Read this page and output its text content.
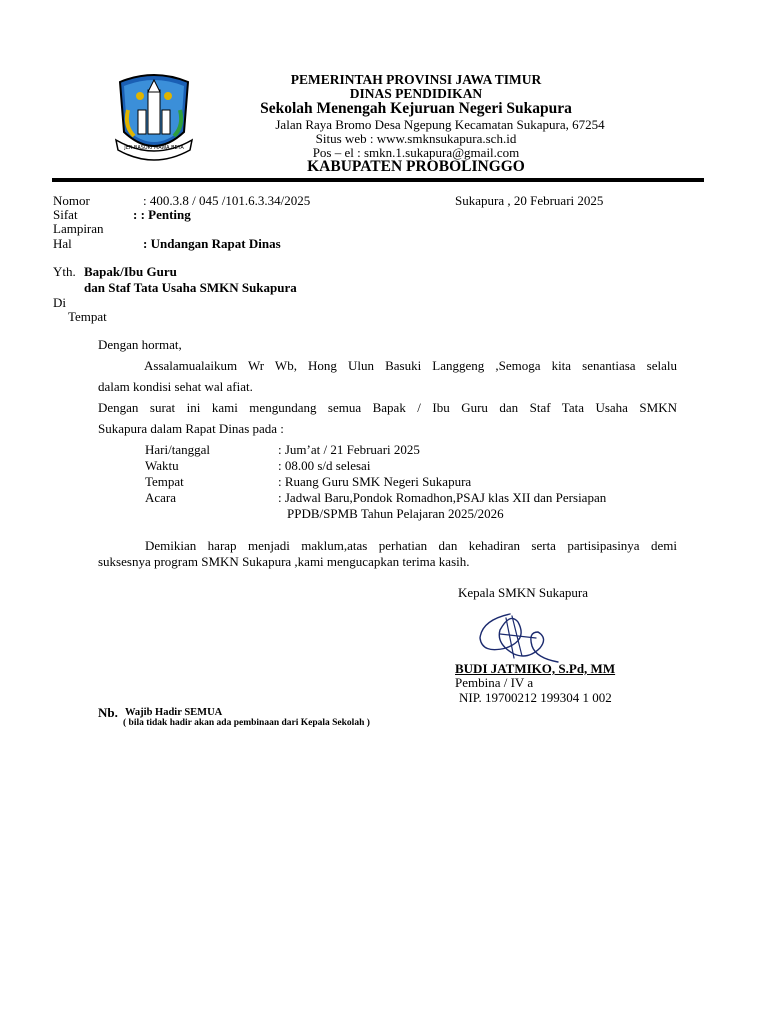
JER BASUKI MAWA BEYA
PEMERINTAH PROVINSI JAWA TIMUR
DINAS PENDIDIKAN
Sekolah Menengah Kejuruan Negeri Sukapura
Jalan Raya Bromo Desa Ngepung Kecamatan Sukapura, 67254
Situs web : www.smknsukapura.sch.id
Pos – el : smkn.1.sukapura@gmail.com
KABUPATEN PROBOLINGGO
Nomor	: 400.3.8 / 045 /101.6.3.34/2025	Sukapura , 20 Februari 2025
Sifat	: : Penting
Lampiran
Hal	: Undangan Rapat Dinas
Yth. Bapak/Ibu Guru
dan Staf Tata Usaha SMKN Sukapura
Di
Tempat
Dengan hormat,
Assalamualaikum Wr Wb, Hong Ulun Basuki Langgeng ,Semoga kita senantiasa selalu
dalam kondisi sehat wal afiat.
Dengan surat ini kami mengundang semua Bapak / Ibu Guru dan Staf Tata Usaha SMKN
Sukapura dalam Rapat Dinas pada :
Hari/tanggal	: Jum’at / 21 Februari 2025
Waktu	: 08.00 s/d selesai
Tempat	: Ruang Guru SMK Negeri Sukapura
Acara	: Jadwal Baru,Pondok Romadhon,PSAJ klas XII dan Persiapan
PPDB/SPMB Tahun Pelajaran 2025/2026
Demikian harap menjadi maklum,atas perhatian dan kehadiran serta partisipasinya demi
suksesnya program SMKN Sukapura ,kami mengucapkan terima kasih.
Kepala SMKN Sukapura
BUDI JATMIKO, S.Pd, MM
Pembina / IV a
NIP. 19700212 199304 1 002
Nb. Wajib Hadir SEMUA
( bila tidak hadir akan ada pembinaan dari Kepala Sekolah )
